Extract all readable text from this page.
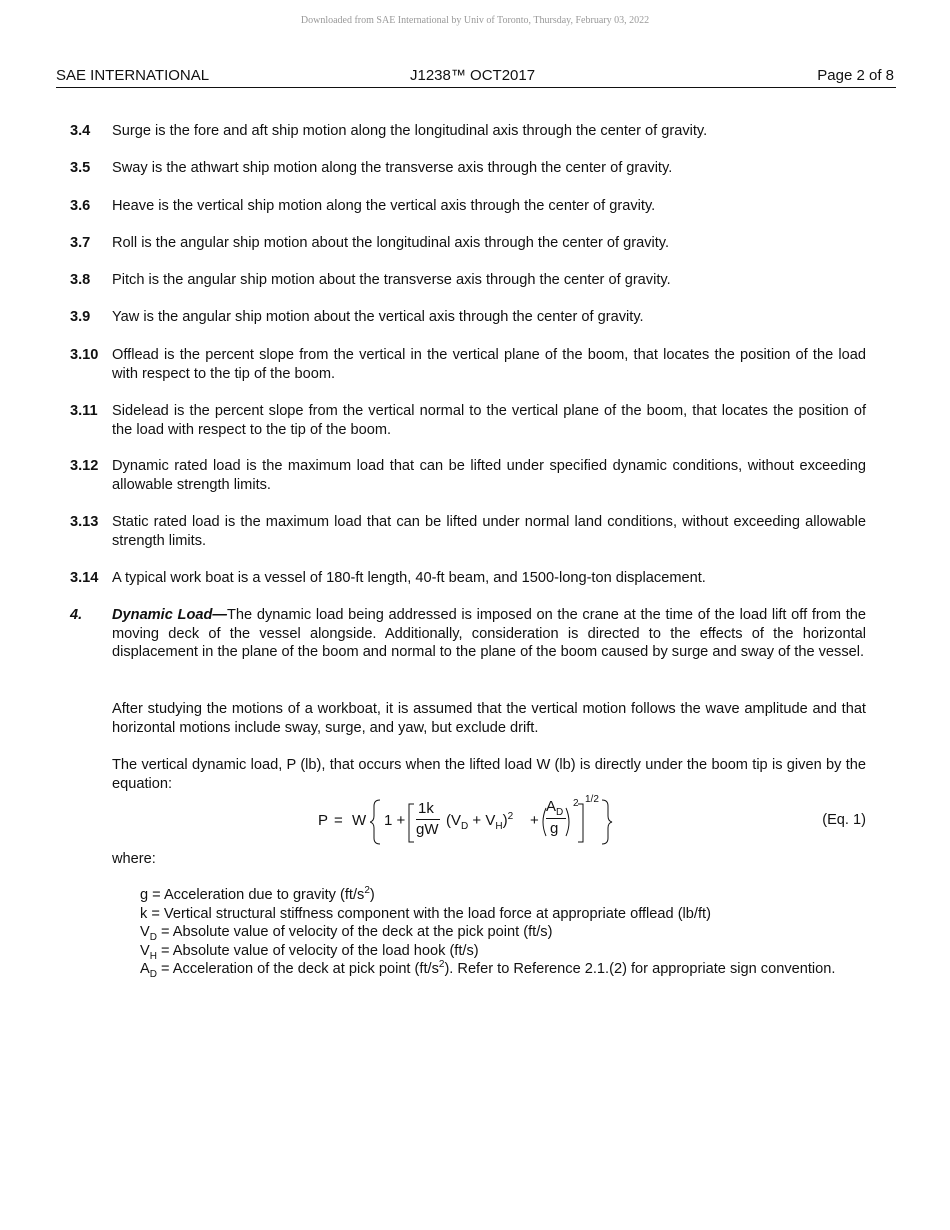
Downloaded from SAE International by Univ of Toronto, Thursday, February 03, 2022
SAE INTERNATIONAL	J1238™ OCT2017	Page 2 of 8
3.4 Surge is the fore and aft ship motion along the longitudinal axis through the center of gravity.
3.5 Sway is the athwart ship motion along the transverse axis through the center of gravity.
3.6 Heave is the vertical ship motion along the vertical axis through the center of gravity.
3.7 Roll is the angular ship motion about the longitudinal axis through the center of gravity.
3.8 Pitch is the angular ship motion about the transverse axis through the center of gravity.
3.9 Yaw is the angular ship motion about the vertical axis through the center of gravity.
3.10 Offlead is the percent slope from the vertical in the vertical plane of the boom, that locates the position of the load with respect to the tip of the boom.
3.11 Sidelead is the percent slope from the vertical normal to the vertical plane of the boom, that locates the position of the load with respect to the tip of the boom.
3.12 Dynamic rated load is the maximum load that can be lifted under specified dynamic conditions, without exceeding allowable strength limits.
3.13 Static rated load is the maximum load that can be lifted under normal land conditions, without exceeding allowable strength limits.
3.14 A typical work boat is a vessel of 180-ft length, 40-ft beam, and 1500-long-ton displacement.
4. Dynamic Load—The dynamic load being addressed is imposed on the crane at the time of the load lift off from the moving deck of the vessel alongside. Additionally, consideration is directed to the effects of the horizontal displacement in the plane of the boom and normal to the plane of the boom caused by surge and sway of the vessel.
After studying the motions of a workboat, it is assumed that the vertical motion follows the wave amplitude and that horizontal motions include sway, surge, and yaw, but exclude drift.
The vertical dynamic load, P (lb), that occurs when the lifted load W (lb) is directly under the boom tip is given by the equation:
P = W 1 +
1k
gW
$(V_D + V_H)^2$ +
$A_D$
g
2 1/2
(Eq. 1)
where:
g = Acceleration due to gravity $(ft/s^2)$
k = Vertical structural stiffness component with the load force at appropriate offlead (lb/ft)
$V_D$ = Absolute value of velocity of the deck at the pick point (ft/s)
$V_H$ = Absolute value of velocity of the load hook (ft/s)
$A_D$ = Acceleration of the deck at pick point $(ft/s^2)$. Refer to Reference 2.1.(2) for appropriate sign convention.
